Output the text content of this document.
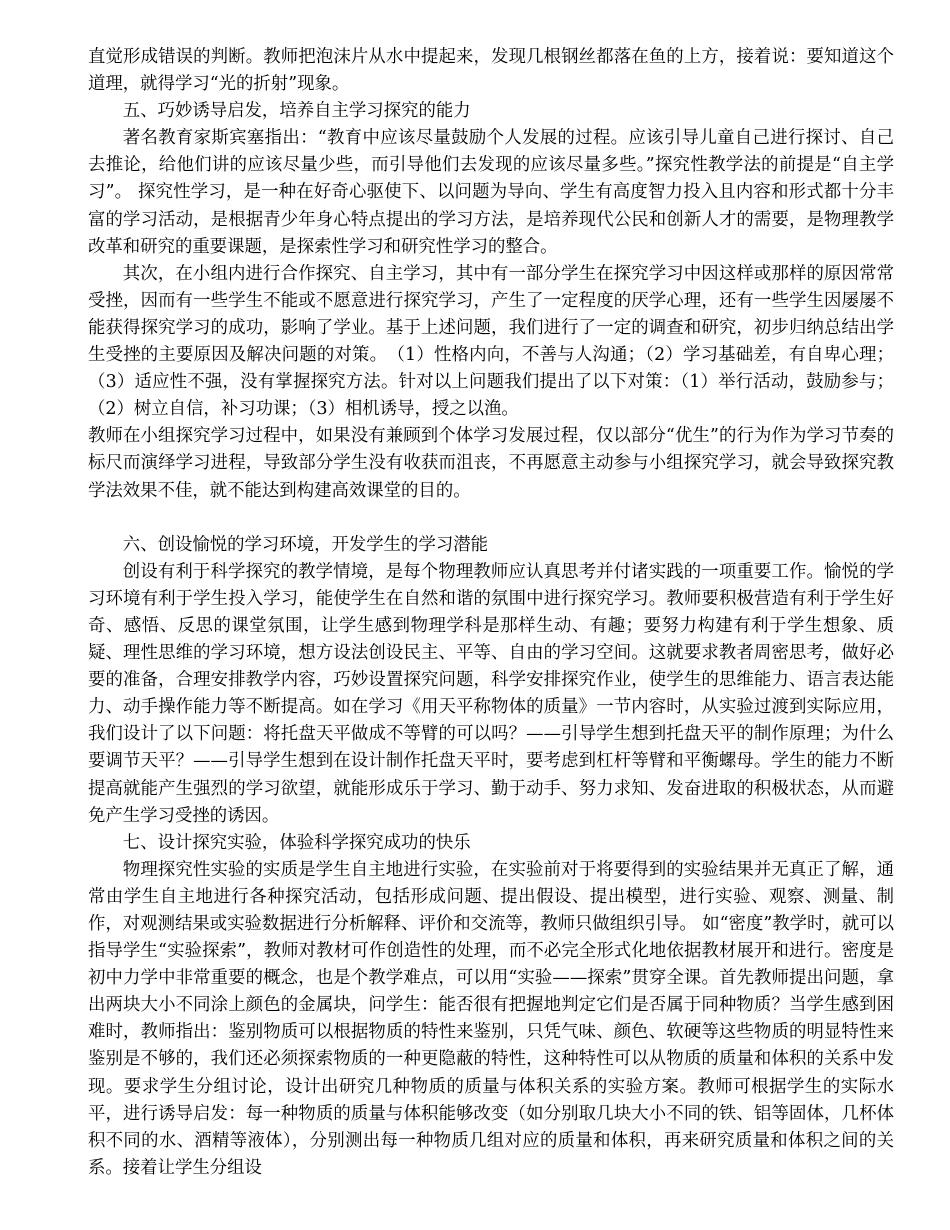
直觉形成错误的判断。教师把泡沫片从水中提起来，发现几根钢丝都落在鱼的上方，接着说：要知道这个道理，就得学习“光的折射”现象。

五、巧妙诱导启发，培养自主学习探究的能力

著名教育家斯宾塞指出：“教育中应该尽量鼓励个人发展的过程。应该引导儿童自己进行探讨、自己去推论，给他们讲的应该尽量少些，而引导他们去发现的应该尽量多些。”探究性教学法的前提是“自主学习”。 探究性学习，是一种在好奇心驱使下、以问题为导向、学生有高度智力投入且内容和形式都十分丰富的学习活动，是根据青少年身心特点提出的学习方法，是培养现代公民和创新人才的需要，是物理教学改革和研究的重要课题，是探索性学习和研究性学习的整合。

其次，在小组内进行合作探究、自主学习，其中有一部分学生在探究学习中因这样或那样的原因常常受挫，因而有一些学生不能或不愿意进行探究学习，产生了一定程度的厌学心理，还有一些学生因屡屡不能获得探究学习的成功，影响了学业。基于上述问题，我们进行了一定的调查和研究，初步归纳总结出学生受挫的主要原因及解决问题的对策。　（1）性格内向，不善与人沟通；（2）学习基础差，有自卑心理；（3）适应性不强，没有掌握探究方法。针对以上问题我们提出了以下对策：（1）举行活动，鼓励参与；（2）树立自信，补习功课；（3）相机诱导，授之以渔。

教师在小组探究学习过程中，如果没有兼顾到个体学习发展过程，仅以部分“优生”的行为作为学习节奏的标尺而演绎学习进程，导致部分学生没有收获而沮丧，不再愿意主动参与小组探究学习，就会导致探究教学法效果不佳，就不能达到构建高效课堂的目的。

六、创设愉悦的学习环境，开发学生的学习潜能

创设有利于科学探究的教学情境，是每个物理教师应认真思考并付诸实践的一项重要工作。愉悦的学习环境有利于学生投入学习，能使学生在自然和谐的氛围中进行探究学习。教师要积极营造有利于学生好奇、感悟、反思的课堂氛围，让学生感到物理学科是那样生动、有趣；要努力构建有利于学生想象、质疑、理性思维的学习环境，想方设法创设民主、平等、自由的学习空间。这就要求教者周密思考，做好必要的准备，合理安排教学内容，巧妙设置探究问题，科学安排探究作业，使学生的思维能力、语言表达能力、动手操作能力等不断提高。如在学习《用天平称物体的质量》一节内容时，从实验过渡到实际应用，我们设计了以下问题：将托盘天平做成不等臂的可以吗？——引导学生想到托盘天平的制作原理；为什么要调节天平？——引导学生想到在设计制作托盘天平时，要考虑到杠杆等臂和平衡螺母。学生的能力不断提高就能产生强烈的学习欲望，就能形成乐于学习、勤于动手、努力求知、发奋进取的积极状态，从而避免产生学习受挫的诱因。

七、设计探究实验，体验科学探究成功的快乐

物理探究性实验的实质是学生自主地进行实验，在实验前对于将要得到的实验结果并无真正了解，通常由学生自主地进行各种探究活动，包括形成问题、提出假设、提出模型，进行实验、观察、测量、制作，对观测结果或实验数据进行分析解释、评价和交流等，教师只做组织引导。 如“密度”教学时，就可以指导学生“实验探索”，教师对教材可作创造性的处理，而不必完全形式化地依据教材展开和进行。密度是初中力学中非常重要的概念，也是个教学难点，可以用“实验——探索”贯穿全课。首先教师提出问题，拿出两块大小不同涂上颜色的金属块，问学生：能否很有把握地判定它们是否属于同种物质？当学生感到困难时，教师指出：鉴别物质可以根据物质的特性来鉴别，只凭气味、颜色、软硬等这些物质的明显特性来鉴别是不够的，我们还必须探索物质的一种更隐蔽的特性，这种特性可以从物质的质量和体积的关系中发现。要求学生分组讨论，设计出研究几种物质的质量与体积关系的实验方案。教师可根据学生的实际水平，进行诱导启发：每一种物质的质量与体积能够改变（如分别取几块大小不同的铁、铝等固体，几杯体积不同的水、酒精等液体），分别测出每一种物质几组对应的质量和体积，再来研究质量和体积之间的关系。接着让学生分组设
